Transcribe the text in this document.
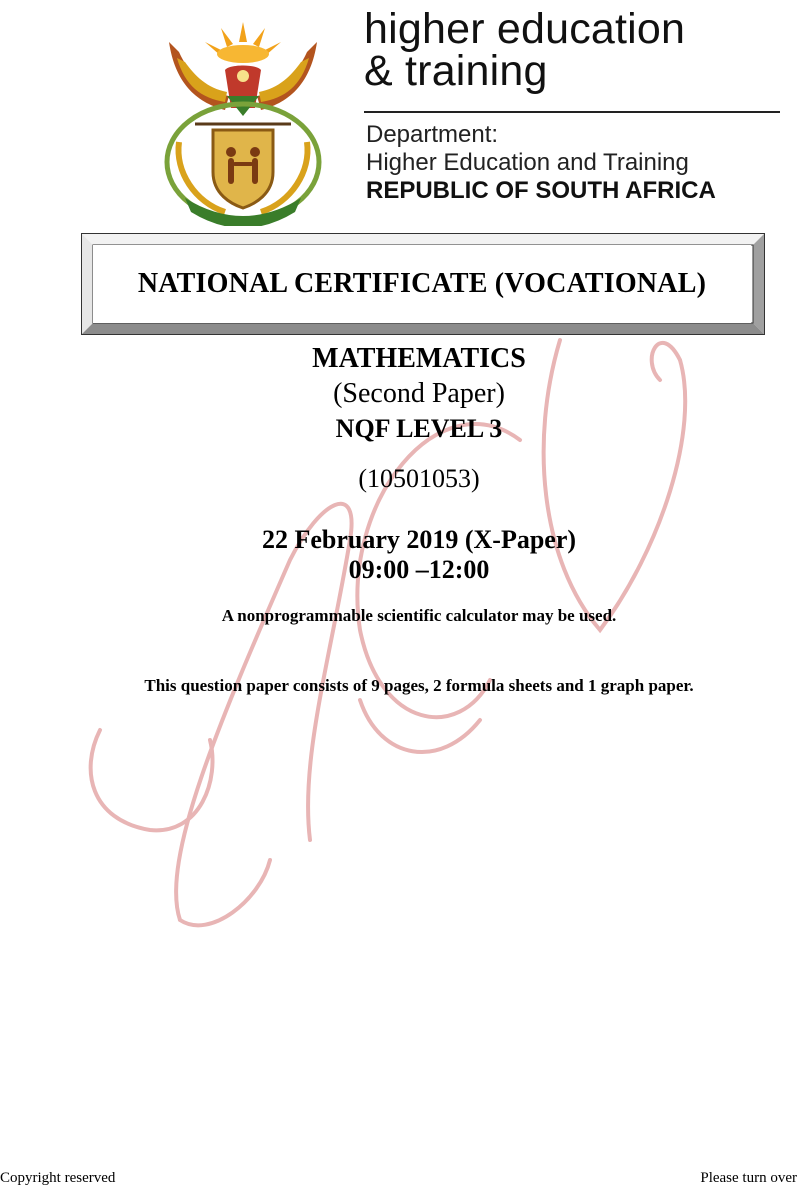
higher education
& training
Department:
Higher Education and Training
REPUBLIC OF SOUTH AFRICA
NATIONAL CERTIFICATE (VOCATIONAL)
MATHEMATICS
(Second Paper)
NQF LEVEL 3
(10501053)
22 February 2019 (X-Paper)
09:00 –12:00
A nonprogrammable scientific calculator may be used.
This question paper consists of 9 pages, 2 formula sheets and 1 graph paper.
Copyright reserved	Please turn over
